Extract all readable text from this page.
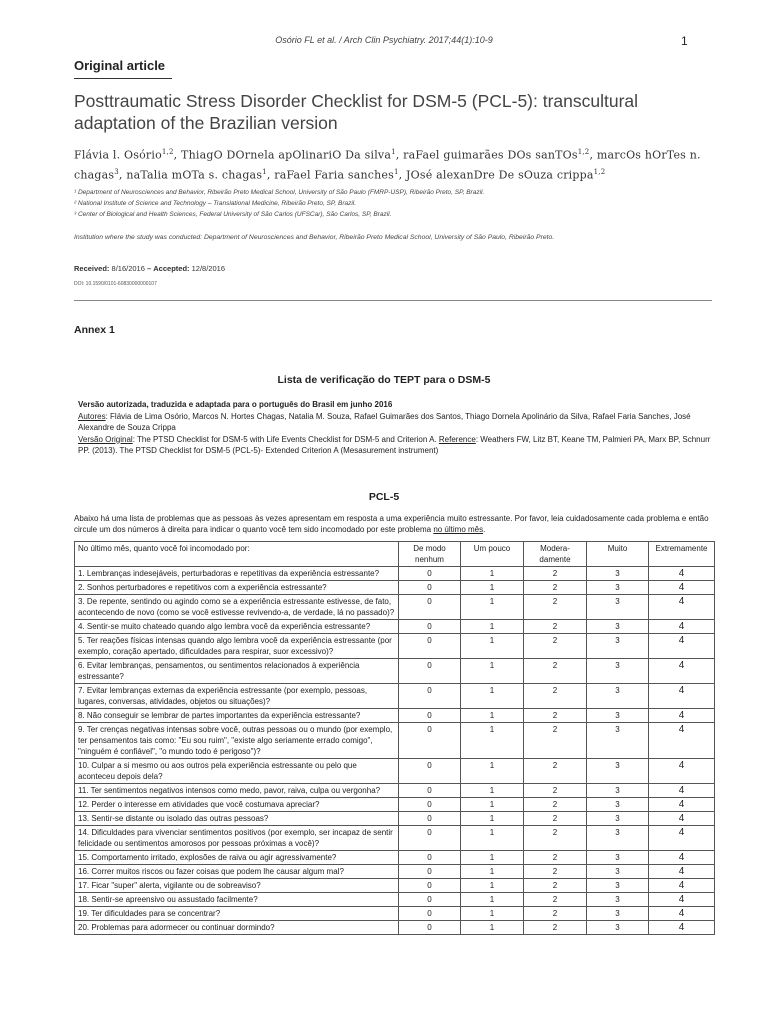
Osório FL et al. / Arch Clin Psychiatry. 2017;44(1):10-9	1
Original article
Posttraumatic Stress Disorder Checklist for DSM-5 (PCL-5): transcultural adaptation of the Brazilian version
Flávia l. Osório$^{1,2}$, ThiagO DOrnela apOlinariO Da silva$^1$, raFael guimarães DOs sanTOs$^{1,2}$, marcOs hOrTes n. chagas$^3$, naTalia mOTa s. chagas$^1$, raFael Faria sanches$^1$, JOsé alexanDre De sOuza crippa$^{1,2}$
¹ Department of Neurosciences and Behavior, Ribeirão Preto Medical School, University of São Paulo (FMRP-USP), Ribeirão Preto, SP, Brazil.
² National Institute of Science and Technology – Translational Medicine, Ribeirão Preto, SP, Brazil.
³ Center of Biological and Health Sciences, Federal University of São Carlos (UFSCar), São Carlos, SP, Brazil.
Institution where the study was conducted: Department of Neurosciences and Behavior, Ribeirão Preto Medical School, University of São Paulo, Ribeirão Preto.
Received: 8/16/2016 – Accepted: 12/8/2016
DOI: 10.1590/0101-60830000000107
Annex 1
Lista de verificação do TEPT para o DSM-5
Versão autorizada, traduzida e adaptada para o português do Brasil em junho 2016
Autores: Flávia de Lima Osório, Marcos N. Hortes Chagas, Natalia M. Souza, Rafael Guimarães dos Santos, Thiago Dornela Apolinário da Silva, Rafael Faria Sanches, José Alexandre de Souza Crippa
Versão Original: The PTSD Checklist for DSM-5 with Life Events Checklist for DSM-5 and Criterion A. Reference: Weathers FW, Litz BT, Keane TM, Palmieri PA, Marx BP, Schnurr PP. (2013). The PTSD Checklist for DSM-5 (PCL-5)- Extended Criterion A (Mesasurement instrument)
PCL-5
Abaixo há uma lista de problemas que as pessoas às vezes apresentam em resposta a uma experiência muito estressante. Por favor, leia cuidadosamente cada problema e então circule um dos números à direita para indicar o quanto você tem sido incomodado por este problema no último mês.
No último mês, quanto você foi incomodado por:	De modo nenhum	Um pouco	Modera-damente	Muito	Extremamente
1. Lembranças indesejáveis, perturbadoras e repetitivas da experiência estressante?	0	1	2	3	4
2. Sonhos perturbadores e repetitivos com a experiência estressante?	0	1	2	3	4
3. De repente, sentindo ou agindo como se a experiência estressante estivesse, de fato, acontecendo de novo (como se você estivesse revivendo-a, de verdade, lá no passado)?	0	1	2	3	4
4. Sentir-se muito chateado quando algo lembra você da experiência estressante?	0	1	2	3	4
5. Ter reações físicas intensas quando algo lembra você da experiência estressante (por exemplo, coração apertado, dificuldades para respirar, suor excessivo)?	0	1	2	3	4
6. Evitar lembranças, pensamentos, ou sentimentos relacionados à experiência estressante?	0	1	2	3	4
7. Evitar lembranças externas da experiência estressante (por exemplo, pessoas, lugares, conversas, atividades, objetos ou situações)?	0	1	2	3	4
8. Não conseguir se lembrar de partes importantes da experiência estressante?	0	1	2	3	4
9. Ter crenças negativas intensas sobre você, outras pessoas ou o mundo (por exemplo, ter pensamentos tais como: "Eu sou ruim", "existe algo seriamente errado comigo", "ninguém é confiável", "o mundo todo é perigoso")?	0	1	2	3	4
10. Culpar a si mesmo ou aos outros pela experiência estressante ou pelo que aconteceu depois dela?	0	1	2	3	4
11. Ter sentimentos negativos intensos como medo, pavor, raiva, culpa ou vergonha?	0	1	2	3	4
12. Perder o interesse em atividades que você costumava apreciar?	0	1	2	3	4
13. Sentir-se distante ou isolado das outras pessoas?	0	1	2	3	4
14. Dificuldades para vivenciar sentimentos positivos (por exemplo, ser incapaz de sentir felicidade ou sentimentos amorosos por pessoas próximas a você)?	0	1	2	3	4
15. Comportamento irritado, explosões de raiva ou agir agressivamente?	0	1	2	3	4
16. Correr muitos riscos ou fazer coisas que podem lhe causar algum mal?	0	1	2	3	4
17. Ficar "super" alerta, vigilante ou de sobreaviso?	0	1	2	3	4
18. Sentir-se apreensivo ou assustado facilmente?	0	1	2	3	4
19. Ter dificuldades para se concentrar?	0	1	2	3	4
20. Problemas para adormecer ou continuar dormindo?	0	1	2	3	4
